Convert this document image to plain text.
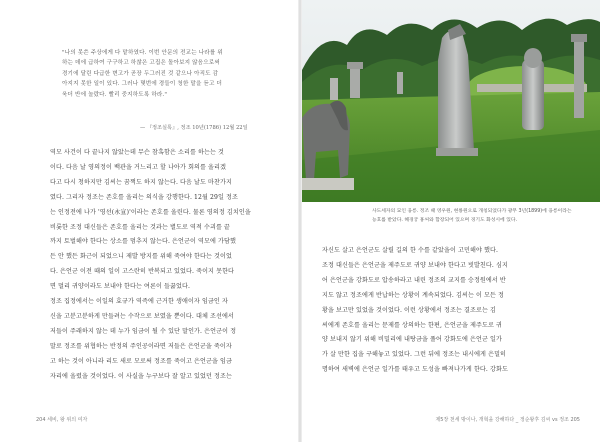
"나의 못쓴 주상에게 다 맡하였다. 이번 안문의 전교는 나라를 위
하는 데에 급하여 구구하고 하찮은 고집은 돌아보지 않음으로써
경기에 달린 다급한 변고가 곧장 두그러진 것 같으나 아직도 감
아지지 못한 일이 있다. 그러나 몇번에 경들이 청한 말을 듣고 더
욱더 반에 놀랐다. 빨리 중지하도록 하라."
— 『정조실록』, 정조 10년(1786) 12월 22일
역모 사건이 다 끝나지 않았는데 무슨 참혹함은 소리를 하는는 것
이다. 다음 날 영의정이 백관을 거느리고 할 나아가 회의를 올리겠
다고 다시 청하지만 김씨는 꿈쩍도 하지 않는다. 다음 날도 마찬가지
였다. 그리자 정조는 존호를 올리는 의식을 강행한다. 12월 29일 정조
는 인정전에 나가 '영선(永宣)'이라는 존호를 올린다. 물론 영의정 김치인을
비롯한 조정 대신들은 존호를 올리는 것과는 별도로 역적 수괴를 끝
까지 토벌해야 한다는 상소를 멈추지 않는다. 은언군이 역모에 가담했
든 안 했든 화근이 되었으니 제발 방지를 위해 죽여야 한다는 것이었
다. 은언군 이전 때의 일이 고스란히 반복되고 있었다. 죽이지 못한다
면 멀리 귀양이라도 보내야 한다는 여론이 들끓었다.
정조 집정에서는 이일의 효규가 역즉에 근거한 생애이자 임금인 자
신을 고분고분하게 만들려는 수작으로 보였을 뿐이다. 대체 조선에서
저들이 주래하지 않는 데 누가 임금이 될 수 있단 말인가. 은언군이 정
말로 정조를 위협하는 반정의 주인공이라면 저들은 은언군을 죽이자
고 하는 것이 아니라 리도 새로 모로써 정조를 죽이고 은언군을 임금
자리에 올렸을 것이었다. 이 사실을 누구보다 잘 알고 있었던 정조는
204 세비, 왕 위의 여자
사도세자의 묘인 융릉. 정조 때 영우원, 현륭원으로 개칭되었다가 광무 3년(1899)에 융릉이라는
능호를 받았다. 혜경궁 홍씨와 합장되어 있으며 경기도 화성시에 있다.
자신도 살고 은언군도 살릴 길의 한 수를 같았을이 고민해야 했다.
조정 대신들은 은언군을 제주도로 귀양 보내야 한다고 빗발친다. 심지
어 은언군을 강화도로 압송하라고 내린 정조의 교지를 승정원에서 반
지도 않고 정조에게 반납하는 상황이 계속되었다. 김씨는 이 모든 정
황을 보고만 있었을 것이었다. 이런 상황에서 정조는 결조로는 김
씨에게 존호를 올리는 문제를 상의하는 한편, 은언군을 제주도로 귀
양 보내지 않기 위해 비밀리에 내탕금을 풀어 강화도에 은언군 일가
가 살 만한 집을 구해놓고 있었다. 그런 뒤에 정조는 내시에게 은밀히
명하여 새벽에 은언군 일가를 태우고 도성을 빠져나가게 한다. 강화도
제5장 천세 밖이나, 개혁을 강해하다 _ 정순왕후 김씨 vs 정조 205
